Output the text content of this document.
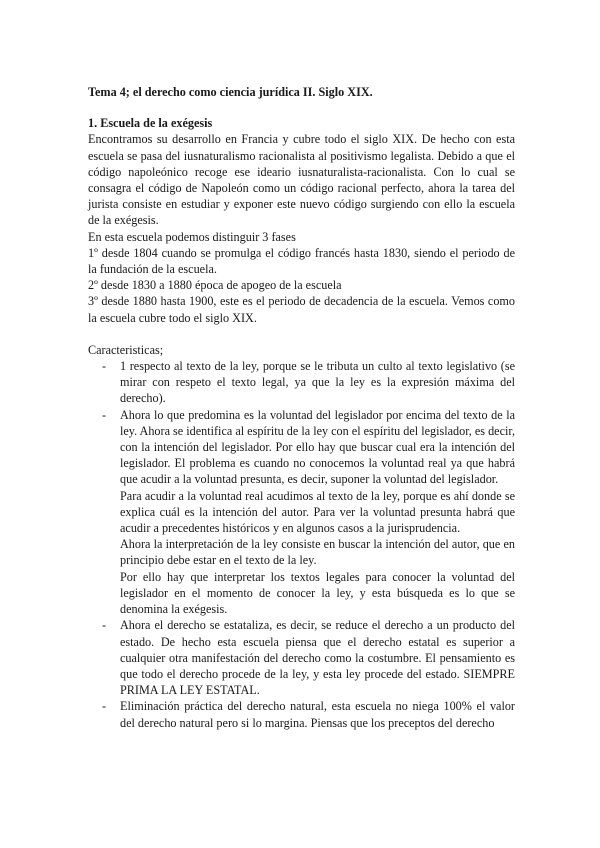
Tema 4; el derecho como ciencia jurídica II. Siglo XIX.

1. Escuela de la exégesis

Encontramos su desarrollo en Francia y cubre todo el siglo XIX. De hecho con esta escuela se pasa del iusnaturalismo racionalista al positivismo legalista. Debido a que el código napoleónico recoge ese ideario iusnaturalista-racionalista. Con lo cual se consagra el código de Napoleón como un código racional perfecto, ahora la tarea del jurista consiste en estudiar y exponer este nuevo código surgiendo con ello la escuela de la exégesis.

En esta escuela podemos distinguir 3 fases

1º desde 1804 cuando se promulga el código francés hasta 1830, siendo el periodo de la fundación de la escuela.

2º desde 1830 a 1880 época de apogeo de la escuela

3º desde 1880 hasta 1900, este es el periodo de decadencia de la escuela. Vemos como la escuela cubre todo el siglo XIX.

Caracteristicas;

- 1 respecto al texto de la ley, porque se le tributa un culto al texto legislativo (se mirar con respeto el texto legal, ya que la ley es la expresión máxima del derecho).
- Ahora lo que predomina es la voluntad del legislador por encima del texto de la ley. Ahora se identifica al espíritu de la ley con el espíritu del legislador, es decir, con la intención del legislador. Por ello hay que buscar cual era la intención del legislador. El problema es cuando no conocemos la voluntad real ya que habrá que acudir a la voluntad presunta, es decir, suponer la voluntad del legislador.

Para acudir a la voluntad real acudimos al texto de la ley, porque es ahí donde se explica cuál es la intención del autor. Para ver la voluntad presunta habrá que acudir a precedentes históricos y en algunos casos a la jurisprudencia.

Ahora la interpretación de la ley consiste en buscar la intención del autor, que en principio debe estar en el texto de la ley.

Por ello hay que interpretar los textos legales para conocer la voluntad del legislador en el momento de conocer la ley, y esta búsqueda es lo que se denomina la exégesis.

- Ahora el derecho se estataliza, es decir, se reduce el derecho a un producto del estado. De hecho esta escuela piensa que el derecho estatal es superior a cualquier otra manifestación del derecho como la costumbre. El pensamiento es que todo el derecho procede de la ley, y esta ley procede del estado. SIEMPRE PRIMA LA LEY ESTATAL.
- Eliminación práctica del derecho natural, esta escuela no niega 100% el valor del derecho natural pero si lo margina. Piensas que los preceptos del derecho
